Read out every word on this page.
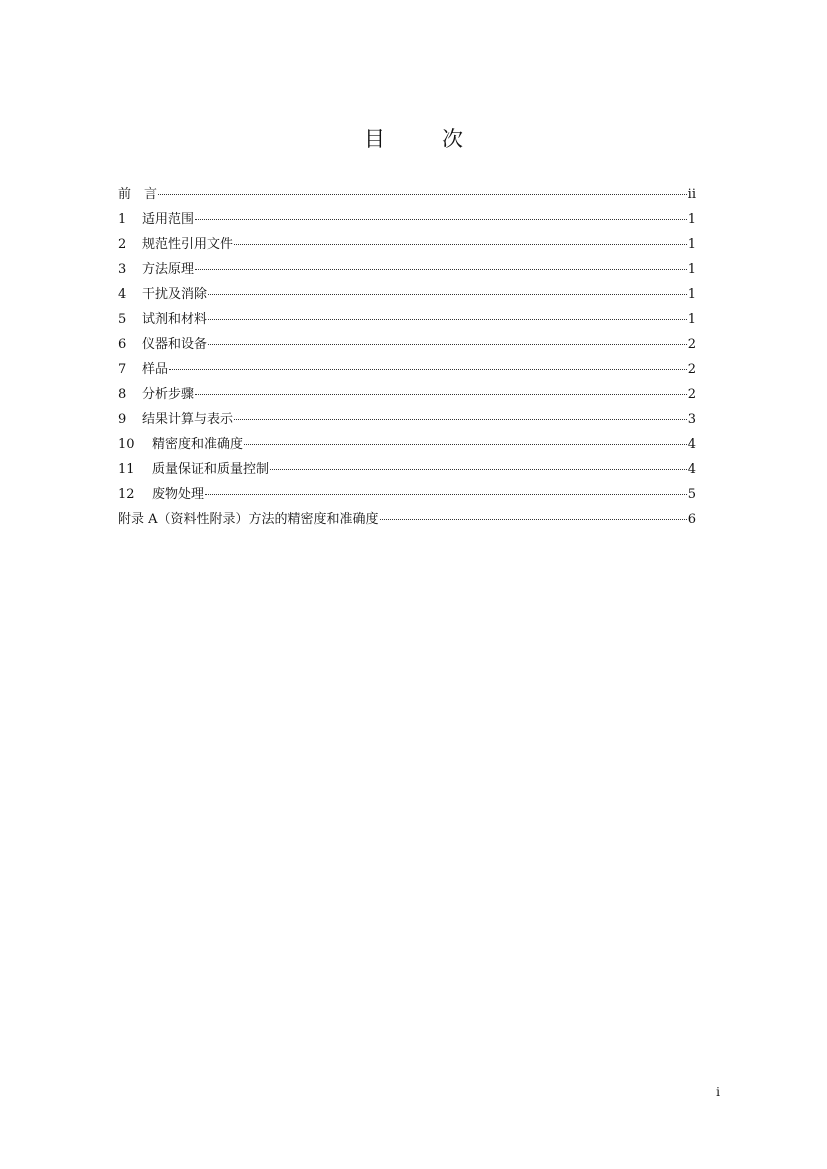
目　次
前　言	ii
1 适用范围	1
2 规范性引用文件	1
3 方法原理	1
4 干扰及消除	1
5 试剂和材料	1
6 仪器和设备	2
7 样品	2
8 分析步骤	2
9 结果计算与表示	3
10 精密度和准确度	4
11 质量保证和质量控制	4
12 废物处理	5
附录 A（资料性附录）方法的精密度和准确度	6
i
